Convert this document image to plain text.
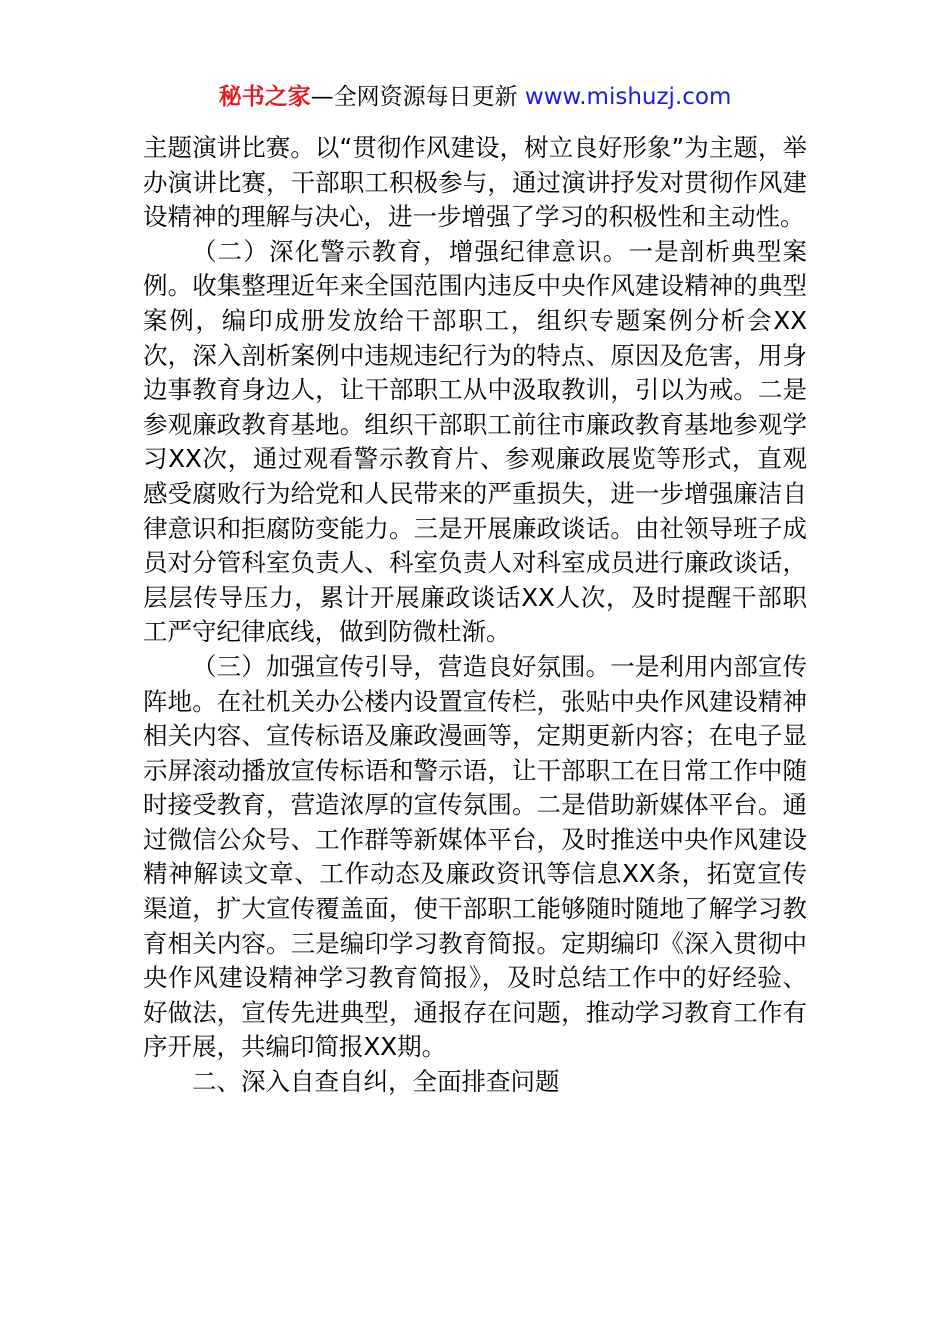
秘书之家—全网资源每日更新 www.mishuzj.com

主题演讲比赛。以“贯彻作风建设，树立良好形象”为主题，举办演讲比赛，干部职工积极参与，通过演讲抒发对贯彻作风建设精神的理解与决心，进一步增强了学习的积极性和主动性。

（二）深化警示教育，增强纪律意识。一是剖析典型案例。收集整理近年来全国范围内违反中央作风建设精神的典型案例，编印成册发放给干部职工，组织专题案例分析会XX次，深入剖析案例中违规违纪行为的特点、原因及危害，用身边事教育身边人，让干部职工从中汲取教训，引以为戒。二是参观廉政教育基地。组织干部职工前往市廉政教育基地参观学习XX次，通过观看警示教育片、参观廉政展览等形式，直观感受腐败行为给党和人民带来的严重损失，进一步增强廉洁自律意识和拒腐防变能力。三是开展廉政谈话。由社领导班子成员对分管科室负责人、科室负责人对科室成员进行廉政谈话，层层传导压力，累计开展廉政谈话XX人次，及时提醒干部职工严守纪律底线，做到防微杜渐。

（三）加强宣传引导，营造良好氛围。一是利用内部宣传阵地。在社机关办公楼内设置宣传栏，张贴中央作风建设精神相关内容、宣传标语及廉政漫画等，定期更新内容；在电子显示屏滚动播放宣传标语和警示语，让干部职工在日常工作中随时接受教育，营造浓厚的宣传氛围。二是借助新媒体平台。通过微信公众号、工作群等新媒体平台，及时推送中央作风建设精神解读文章、工作动态及廉政资讯等信息XX条，拓宽宣传渠道，扩大宣传覆盖面，使干部职工能够随时随地了解学习教育相关内容。三是编印学习教育简报。定期编印《深入贯彻中央作风建设精神学习教育简报》，及时总结工作中的好经验、好做法，宣传先进典型，通报存在问题，推动学习教育工作有序开展，共编印简报XX期。

二、深入自查自纠，全面排查问题
